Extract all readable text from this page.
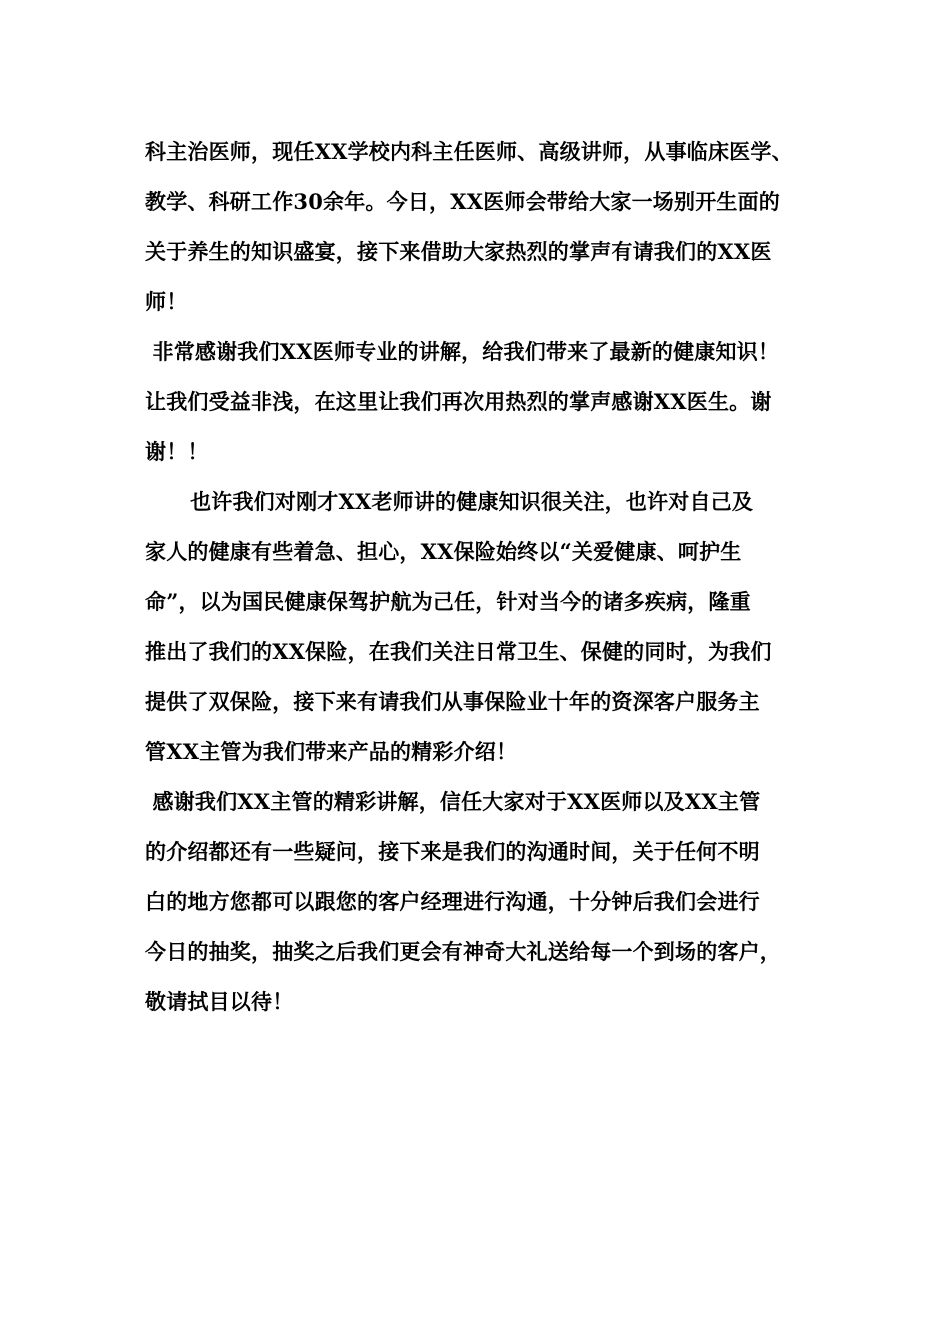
科主治医师，现任XX学校内科主任医师、高级讲师，从事临床医学、
教学、科研工作30余年。今日，XX医师会带给大家一场别开生面的
关于养生的知识盛宴，接下来借助大家热烈的掌声有请我们的XX医
师！
非常感谢我们XX医师专业的讲解，给我们带来了最新的健康知识！
让我们受益非浅，在这里让我们再次用热烈的掌声感谢XX医生。谢
谢！！
也许我们对刚才XX老师讲的健康知识很关注，也许对自己及
家人的健康有些着急、担心，XX保险始终以“关爱健康、呵护生
命”，以为国民健康保驾护航为己任，针对当今的诸多疾病，隆重
推出了我们的XX保险，在我们关注日常卫生、保健的同时，为我们
提供了双保险，接下来有请我们从事保险业十年的资深客户服务主
管XX主管为我们带来产品的精彩介绍！
感谢我们XX主管的精彩讲解，信任大家对于XX医师以及XX主管
的介绍都还有一些疑问，接下来是我们的沟通时间，关于任何不明
白的地方您都可以跟您的客户经理进行沟通，十分钟后我们会进行
今日的抽奖，抽奖之后我们更会有神奇大礼送给每一个到场的客户，
敬请拭目以待！
